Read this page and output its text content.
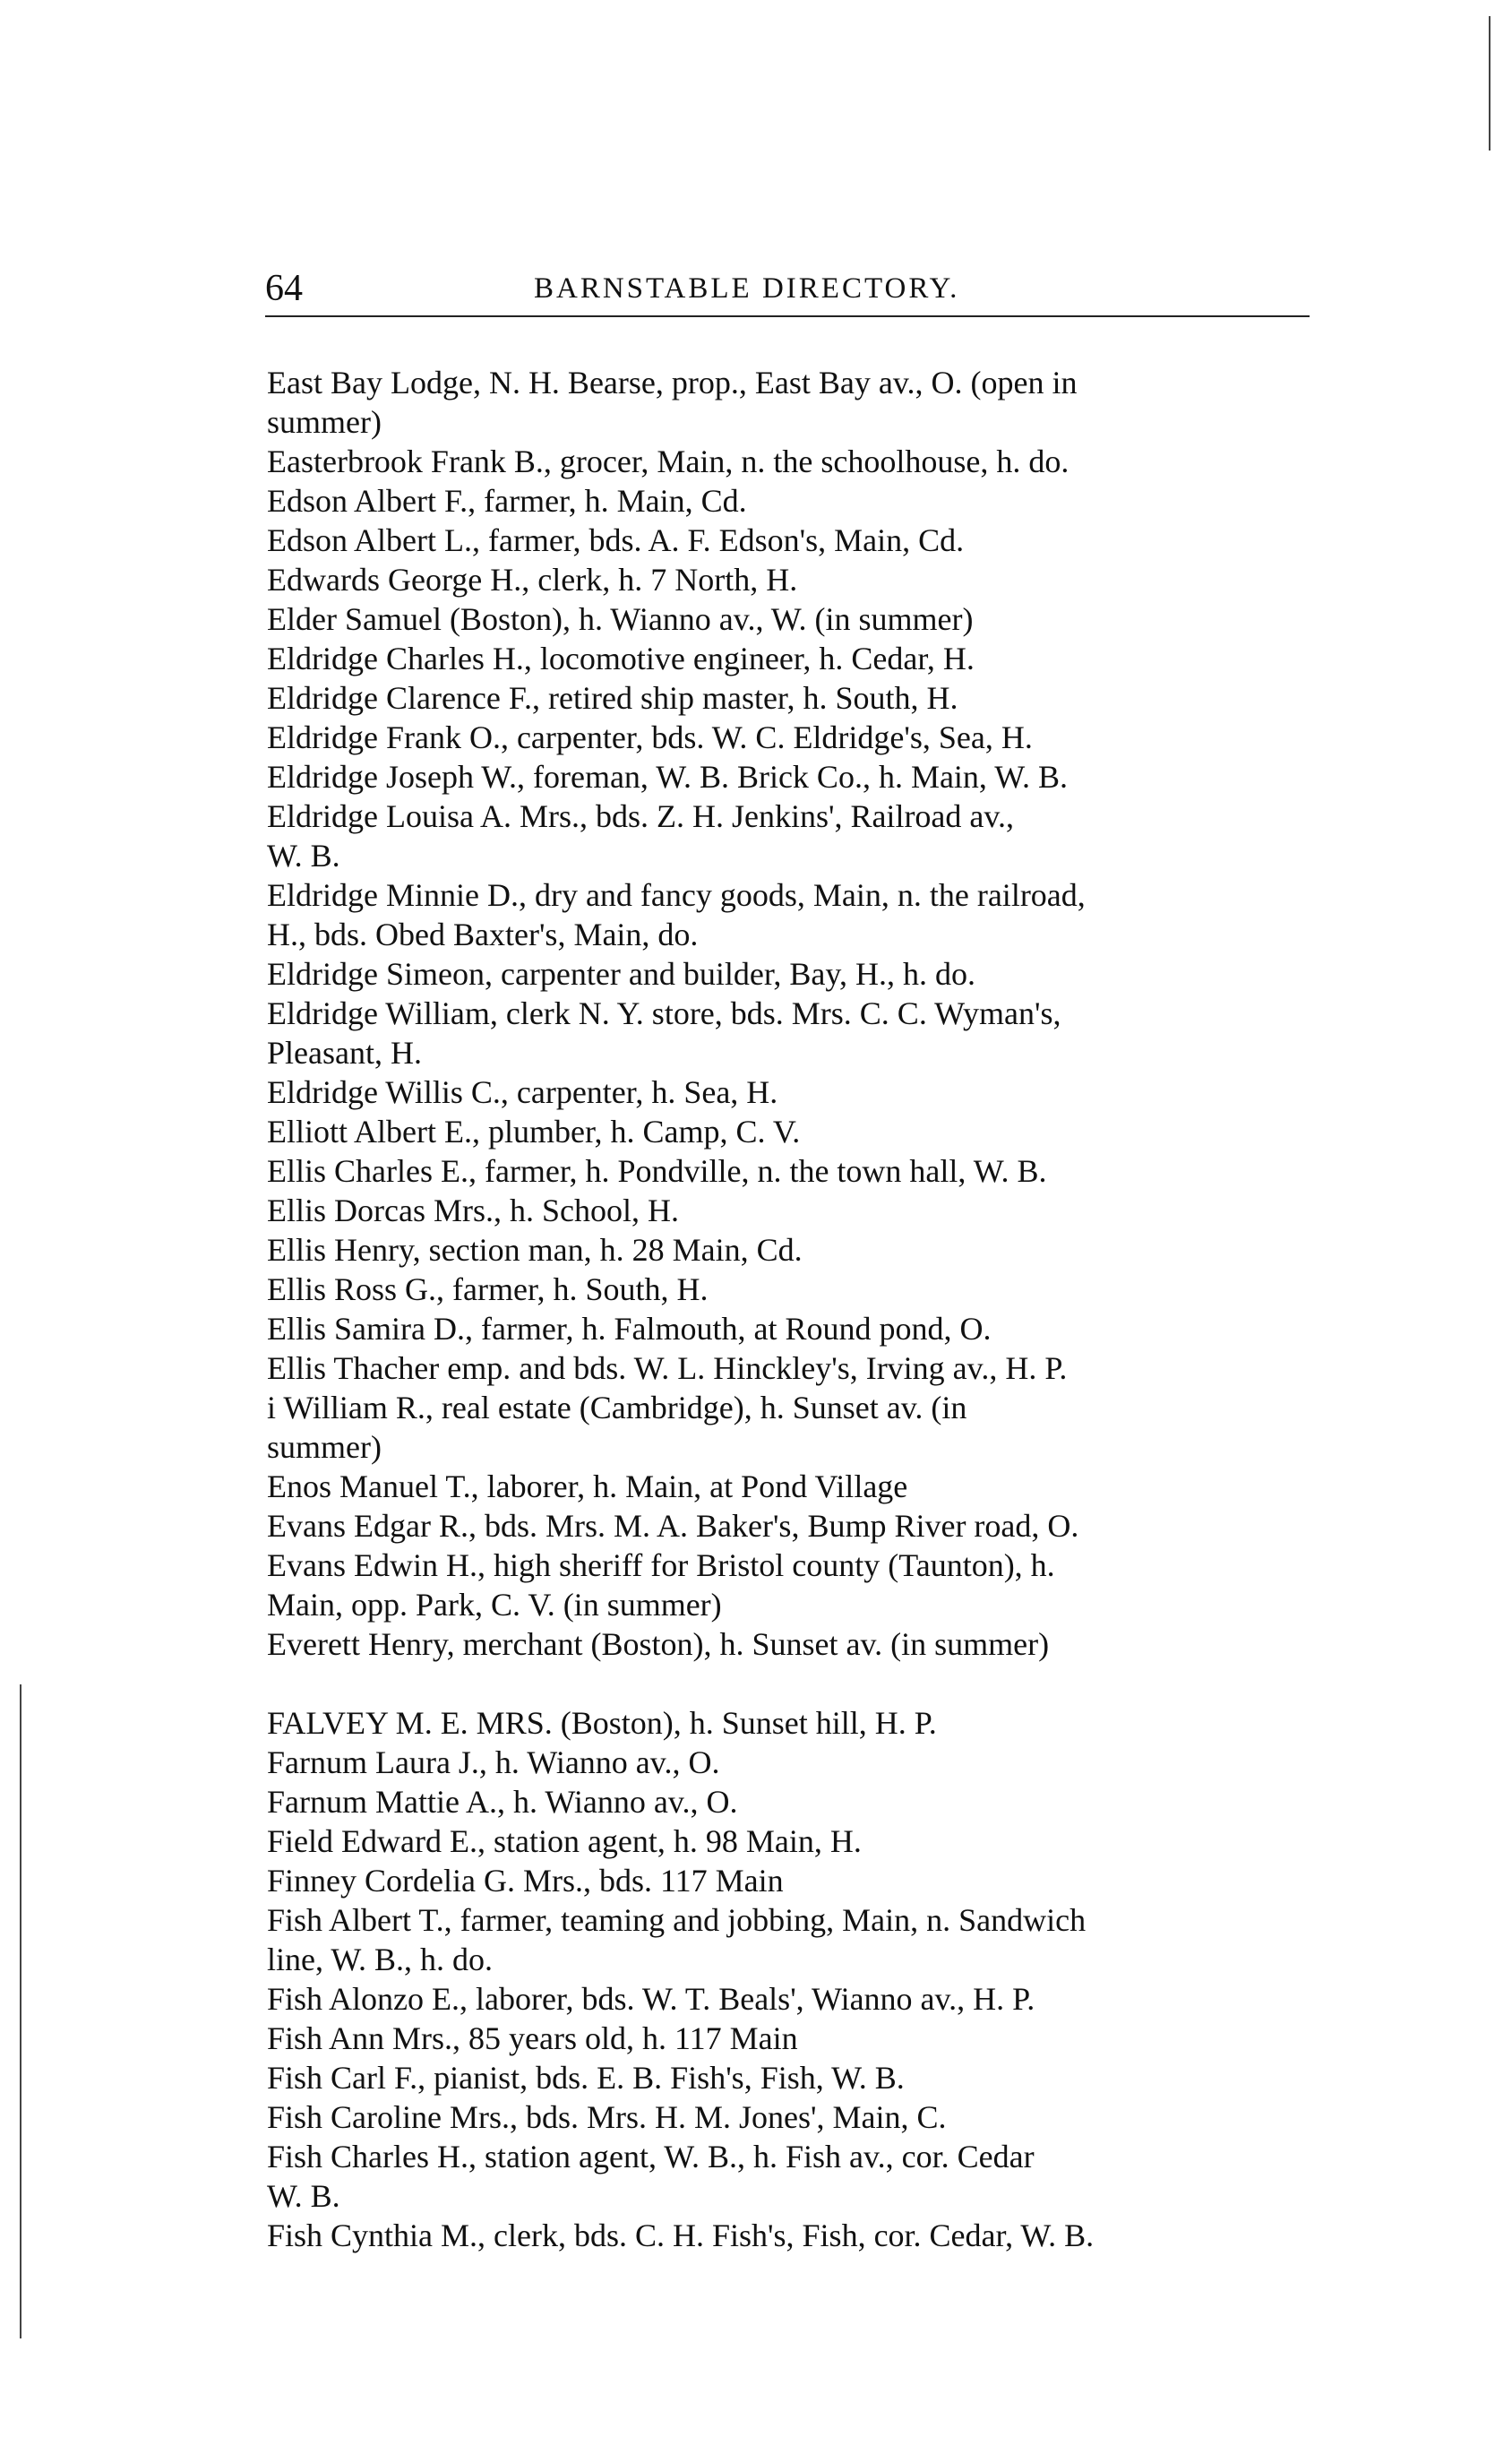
64	BARNSTABLE DIRECTORY.
East Bay Lodge, N. H. Bearse, prop., East Bay av., O. (open in
summer)
Easterbrook Frank B., grocer, Main, n. the schoolhouse, h. do.
Edson Albert F., farmer, h. Main, Cd.
Edson Albert L., farmer, bds. A. F. Edson's, Main, Cd.
Edwards George H., clerk, h. 7 North, H.
Elder Samuel (Boston), h. Wianno av., W. (in summer)
Eldridge Charles H., locomotive engineer, h. Cedar, H.
Eldridge Clarence F., retired ship master, h. South, H.
Eldridge Frank O., carpenter, bds. W. C. Eldridge's, Sea, H.
Eldridge Joseph W., foreman, W. B. Brick Co., h. Main, W. B.
Eldridge Louisa A. Mrs., bds. Z. H. Jenkins', Railroad av.,
W. B.
Eldridge Minnie D., dry and fancy goods, Main, n. the railroad,
H., bds. Obed Baxter's, Main, do.
Eldridge Simeon, carpenter and builder, Bay, H., h. do.
Eldridge William, clerk N. Y. store, bds. Mrs. C. C. Wyman's,
Pleasant, H.
Eldridge Willis C., carpenter, h. Sea, H.
Elliott Albert E., plumber, h. Camp, C. V.
Ellis Charles E., farmer, h. Pondville, n. the town hall, W. B.
Ellis Dorcas Mrs., h. School, H.
Ellis Henry, section man, h. 28 Main, Cd.
Ellis Ross G., farmer, h. South, H.
Ellis Samira D., farmer, h. Falmouth, at Round pond, O.
Ellis Thacher emp. and bds. W. L. Hinckley's, Irving av., H. P.
i William R., real estate (Cambridge), h. Sunset av. (in
summer)
Enos Manuel T., laborer, h. Main, at Pond Village
Evans Edgar R., bds. Mrs. M. A. Baker's, Bump River road, O.
Evans Edwin H., high sheriff for Bristol county (Taunton), h.
Main, opp. Park, C. V. (in summer)
Everett Henry, merchant (Boston), h. Sunset av. (in summer)
FALVEY M. E. MRS. (Boston), h. Sunset hill, H. P.
Farnum Laura J., h. Wianno av., O.
Farnum Mattie A., h. Wianno av., O.
Field Edward E., station agent, h. 98 Main, H.
Finney Cordelia G. Mrs., bds. 117 Main
Fish Albert T., farmer, teaming and jobbing, Main, n. Sandwich
line, W. B., h. do.
Fish Alonzo E., laborer, bds. W. T. Beals', Wianno av., H. P.
Fish Ann Mrs., 85 years old, h. 117 Main
Fish Carl F., pianist, bds. E. B. Fish's, Fish, W. B.
Fish Caroline Mrs., bds. Mrs. H. M. Jones', Main, C.
Fish Charles H., station agent, W. B., h. Fish av., cor. Cedar
W. B.
Fish Cynthia M., clerk, bds. C. H. Fish's, Fish, cor. Cedar, W. B.
